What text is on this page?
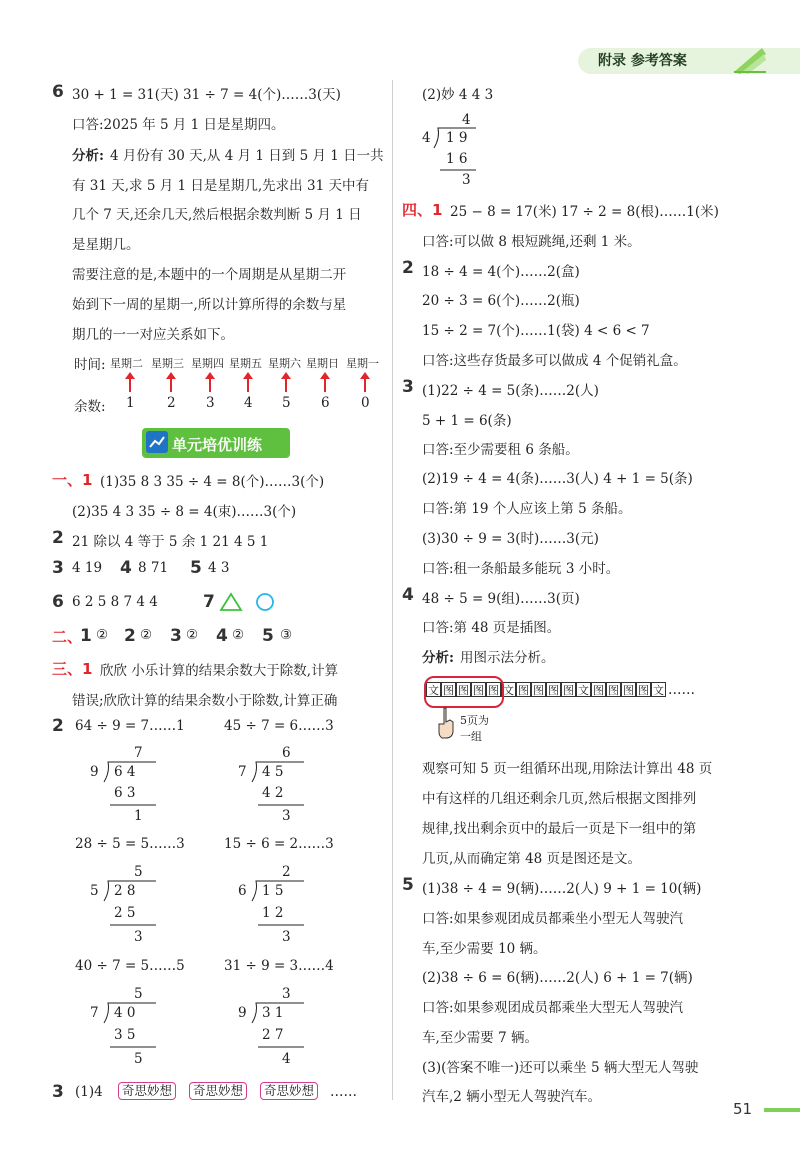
附录 参考答案
6 30 + 1 = 31(天) 31 ÷ 7 = 4(个)……3(天)
口答:2025 年 5 月 1 日是星期四。
分析: 4 月份有 30 天,从 4 月 1 日到 5 月 1 日一共
有 31 天,求 5 月 1 日是星期几,先求出 31 天中有
几个 7 天,还余几天,然后根据余数判断 5 月 1 日
是星期几。
需要注意的是,本题中的一个周期是从星期二开
始到下一周的星期一,所以计算所得的余数与星
期几的一一对应关系如下。
时间: 星期二 星期三 星期四 星期五 星期六 星期日 星期一
余数: 1 2 3 4 5 6 0
单元培优训练
一、1 (1)35 8 3 35 ÷ 4 = 8(个)……3(个)
(2)35 4 3 35 ÷ 8 = 4(束)……3(个)
2 21 除以 4 等于 5 余 1 21 4 5 1
3 4 19 4 8 71 5 4 3
6 6 2 5 8 7 4 4	7
二、
1 ② 2 ② 3 ② 4 ② 5 ③
三、1 欣欣 小乐计算的结果余数大于除数,计算
错误;欣欣计算的结果余数小于除数,计算正确
2 64 ÷ 9 = 7……1	45 ÷ 7 = 6……3
7
9 6 4
6 3
1
6
7 4 5
4 2
3
28 ÷ 5 = 5……3	15 ÷ 6 = 2……3
5
5 2 8
2 5
3
2
6 1 5
1 2
3
40 ÷ 7 = 5……5	31 ÷ 9 = 3……4
5
7 4 0
3 5
5
3
9 3 1
2 7
4
3 (1)4	奇思妙想	奇思妙想	奇思妙想 ……
(2)妙 4 4 3
4
4 1 9
1 6
3
四、1 25 − 8 = 17(米) 17 ÷ 2 = 8(根)……1(米)
口答:可以做 8 根短跳绳,还剩 1 米。
2 18 ÷ 4 = 4(个)……2(盒)
20 ÷ 3 = 6(个)……2(瓶)
15 ÷ 2 = 7(个)……1(袋) 4 < 6 < 7
口答:这些存货最多可以做成 4 个促销礼盒。
3 (1)22 ÷ 4 = 5(条)……2(人)
5 + 1 = 6(条)
口答:至少需要租 6 条船。
(2)19 ÷ 4 = 4(条)……3(人) 4 + 1 = 5(条)
口答:第 19 个人应该上第 5 条船。
(3)30 ÷ 9 = 3(时)……3(元)
口答:租一条船最多能玩 3 小时。
4 48 ÷ 5 = 9(组)……3(页)
口答:第 48 页是插图。
分析: 用图示法分析。
文 图 图 图 图 文 图 图 图 图 文 图 图 图 图 文 ……
5页为
一组
观察可知 5 页一组循环出现,用除法计算出 48 页
中有这样的几组还剩余几页,然后根据文图排列
规律,找出剩余页中的最后一页是下一组中的第
几页,从而确定第 48 页是图还是文。
5 (1)38 ÷ 4 = 9(辆)……2(人) 9 + 1 = 10(辆)
口答:如果参观团成员都乘坐小型无人驾驶汽
车,至少需要 10 辆。
(2)38 ÷ 6 = 6(辆)……2(人) 6 + 1 = 7(辆)
口答:如果参观团成员都乘坐大型无人驾驶汽
车,至少需要 7 辆。
(3)(答案不唯一)还可以乘坐 5 辆大型无人驾驶
汽车,2 辆小型无人驾驶汽车。
51
